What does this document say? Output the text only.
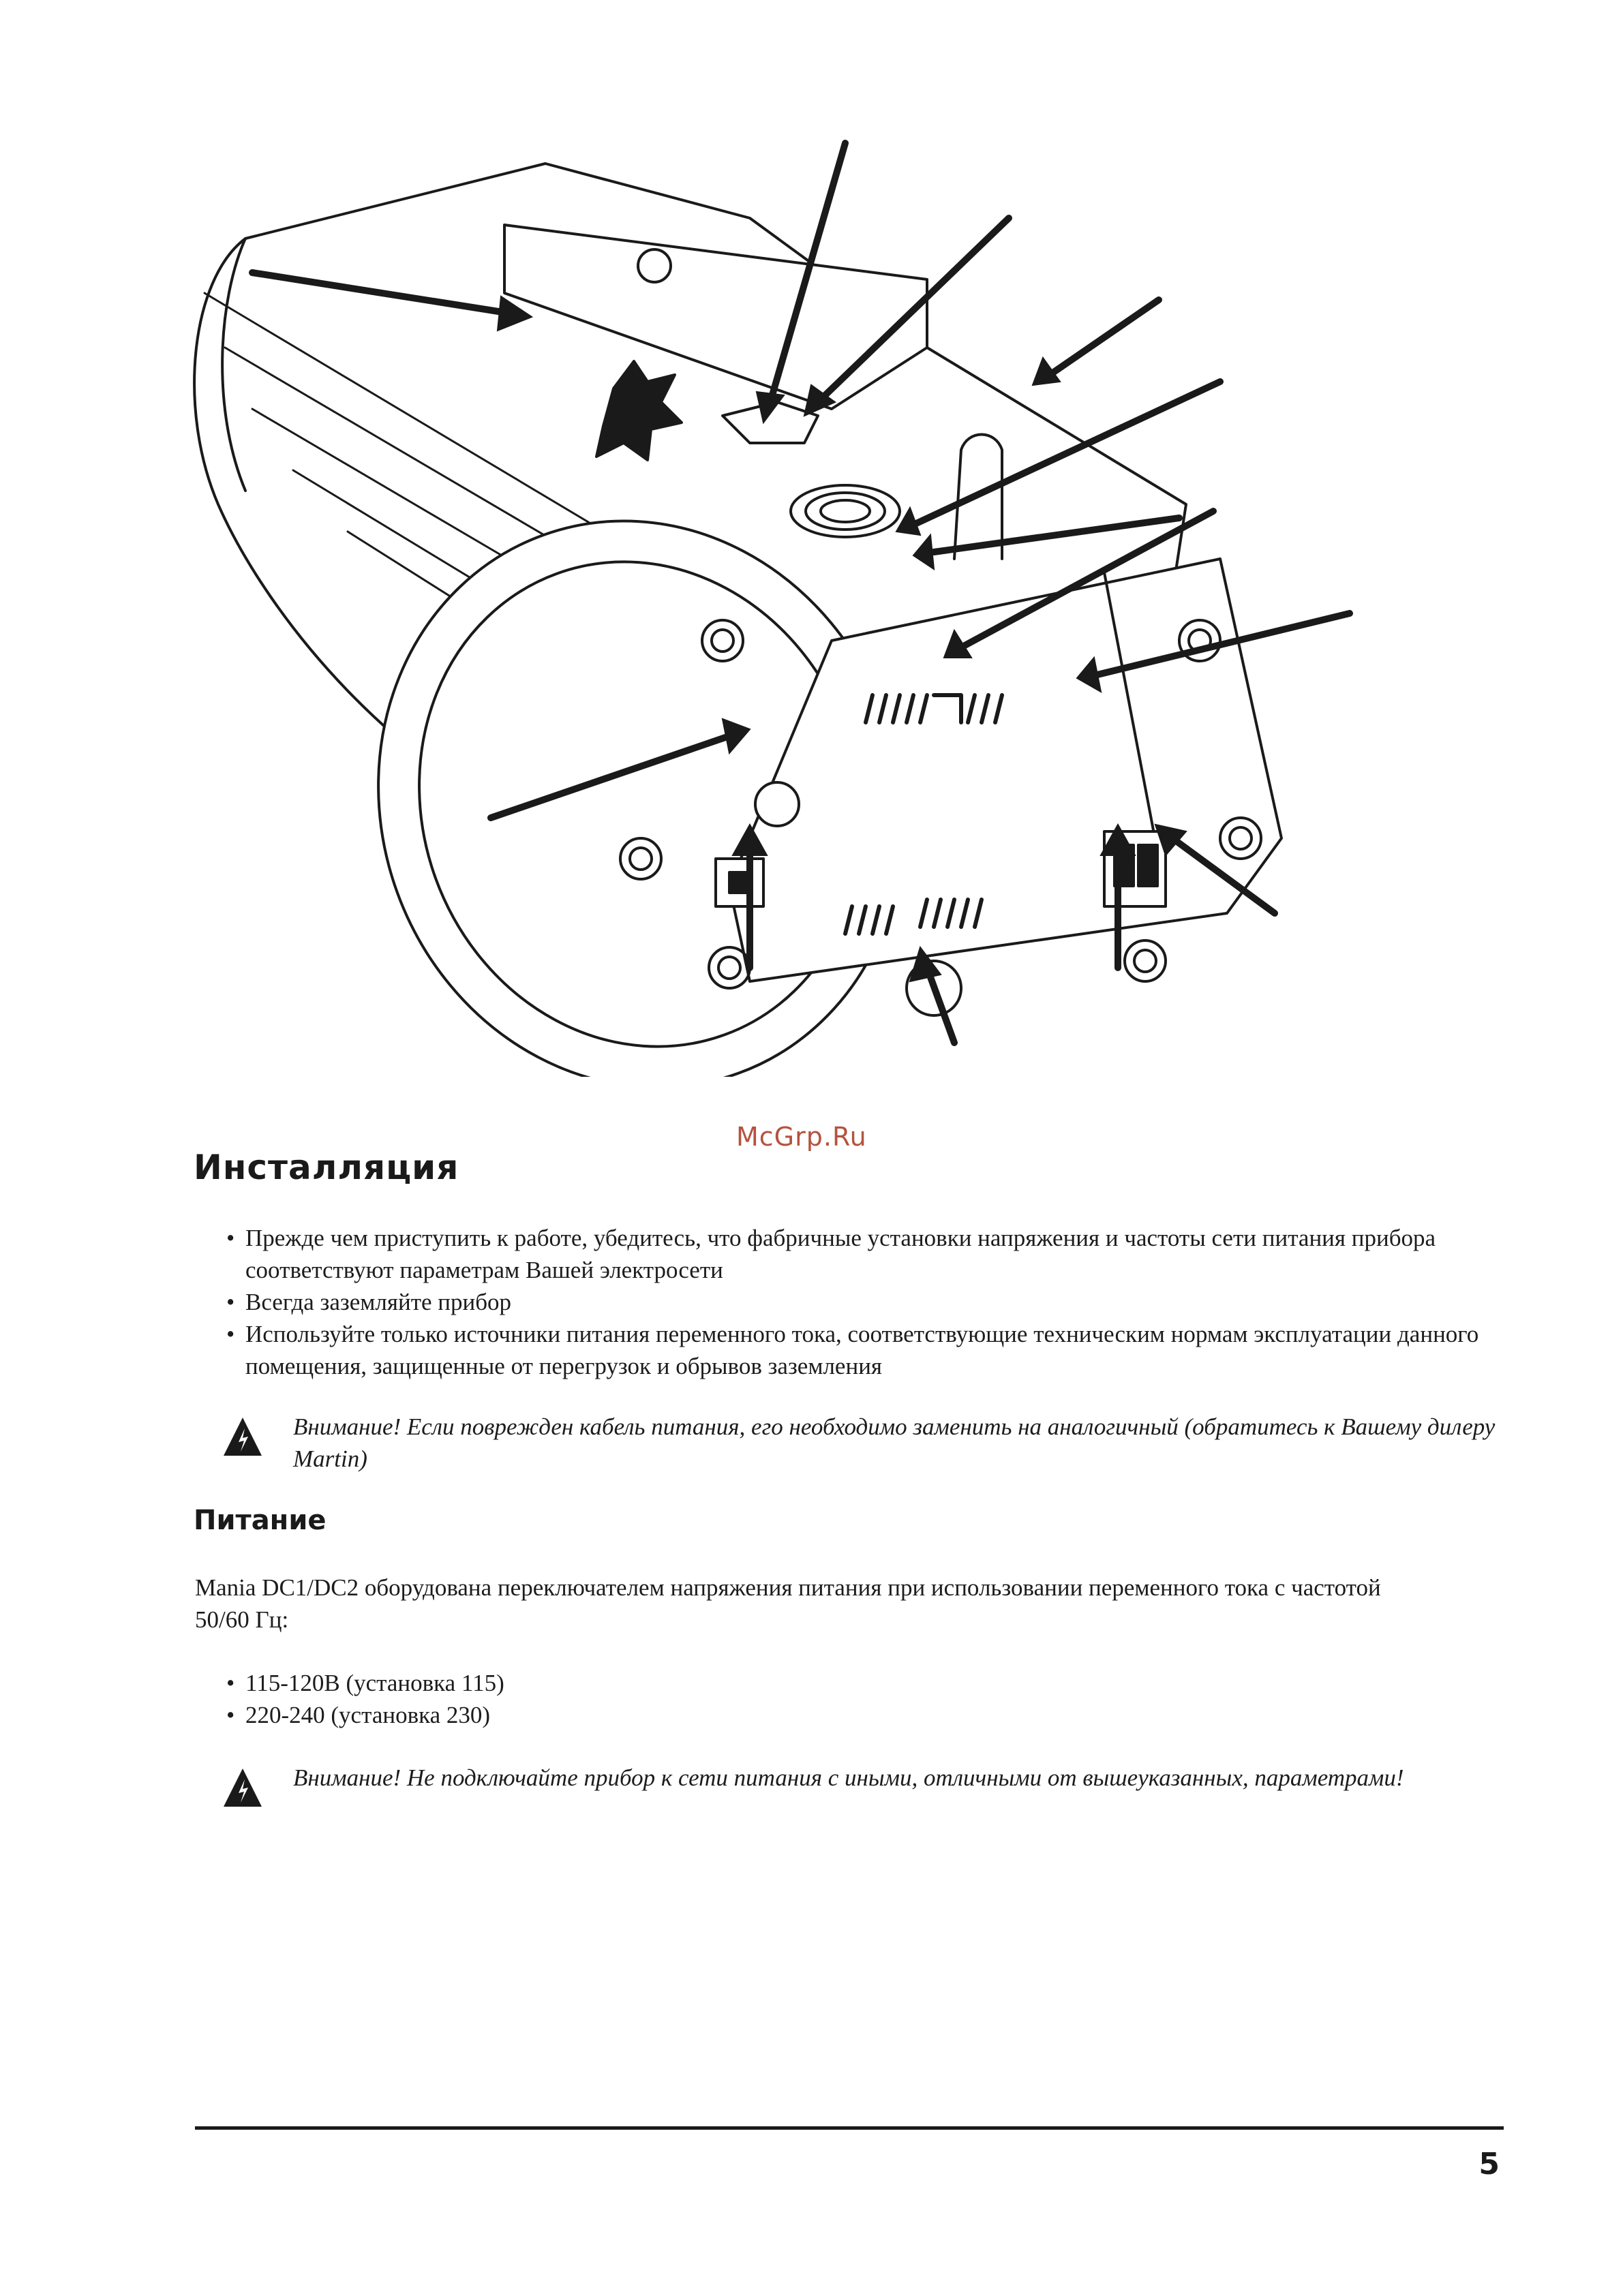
McGrp.Ru
Инсталляция
• Прежде чем приступить к работе, убедитесь, что фабричные установки напряжения и частоты сети питания прибора соответствуют параметрам Вашей электросети
• Всегда заземляйте прибор
• Используйте только источники питания переменного тока, соответствующие техническим нормам эксплуатации данного помещения, защищенные от перегрузок и обрывов заземления
Внимание! Если поврежден кабель питания, его необходимо заменить на аналогичный (обратитесь к Вашему дилеру Martin)
Питание

Mania DC1/DC2 оборудована переключателем напряжения питания при использовании переменного тока с частотой 50/60 Гц:

• 115-120В (установка 115)
• 220-240 (установка 230)
Внимание! Не подключайте прибор к сети питания с иными, отличными от вышеуказанных, параметрами!
5
